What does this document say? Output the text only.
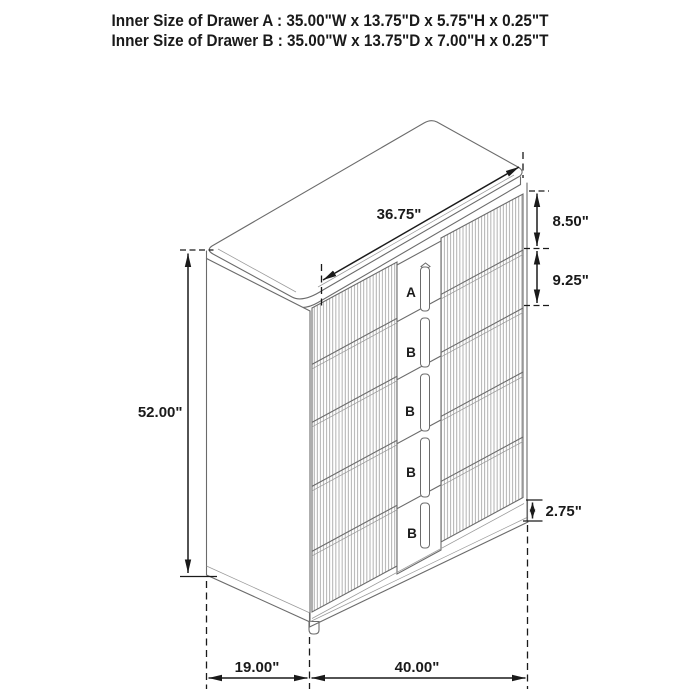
Inner Size of Drawer A : 35.00"W x 13.75"D x 5.75"H x 0.25"T
Inner Size of Drawer B : 35.00"W x 13.75"D x 7.00"H x 0.25"T
A
B
B
B
B
36.75"	8.50"
9.25"
2.75"
52.00"
19.00"	40.00"
